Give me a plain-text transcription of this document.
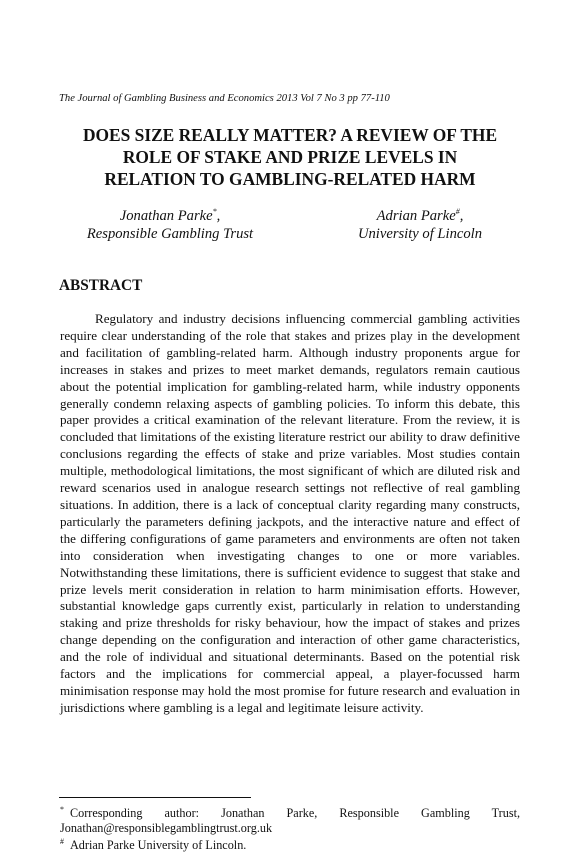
The Journal of Gambling Business and Economics 2013 Vol 7 No 3 pp 77-110
DOES SIZE REALLY MATTER? A REVIEW OF THE
ROLE OF STAKE AND PRIZE LEVELS IN
RELATION TO GAMBLING-RELATED HARM
Jonathan Parke*,
Responsible Gambling Trust
Adrian Parke#,
University of Lincoln
ABSTRACT

Regulatory and industry decisions influencing commercial gambling activities require clear understanding of the role that stakes and prizes play in the development and facilitation of gambling-related harm. Although industry proponents argue for increases in stakes and prizes to meet market demands, regulators remain cautious about the potential implication for gambling-related harm, while industry opponents generally condemn relaxing aspects of gambling policies. To inform this debate, this paper provides a critical examination of the relevant literature. From the review, it is concluded that limitations of the existing literature restrict our ability to draw definitive conclusions regarding the effects of stake and prize variables. Most studies contain multiple, methodological limitations, the most significant of which are diluted risk and reward scenarios used in analogue research settings not reflective of real gambling situations. In addition, there is a lack of conceptual clarity regarding many constructs, particularly the parameters defining jackpots, and the interactive nature and effect of the differing configurations of game parameters and environments are often not taken into consideration when investigating changes to one or more variables. Notwithstanding these limitations, there is sufficient evidence to suggest that stake and prize levels merit consideration in relation to harm minimisation efforts. However, substantial knowledge gaps currently exist, particularly in relation to understanding staking and prize thresholds for risky behaviour, how the impact of stakes and prizes change depending on the configuration and interaction of other game characteristics, and the role of individual and situational determinants. Based on the potential risk factors and the implications for commercial appeal, a player-focussed harm minimisation response may hold the most promise for future research and evaluation in jurisdictions where gambling is a legal and legitimate leisure activity.

* Corresponding author: Jonathan Parke, Responsible Gambling Trust, Jonathan@responsiblegamblingtrust.org.uk

# Adrian Parke University of Lincoln.
